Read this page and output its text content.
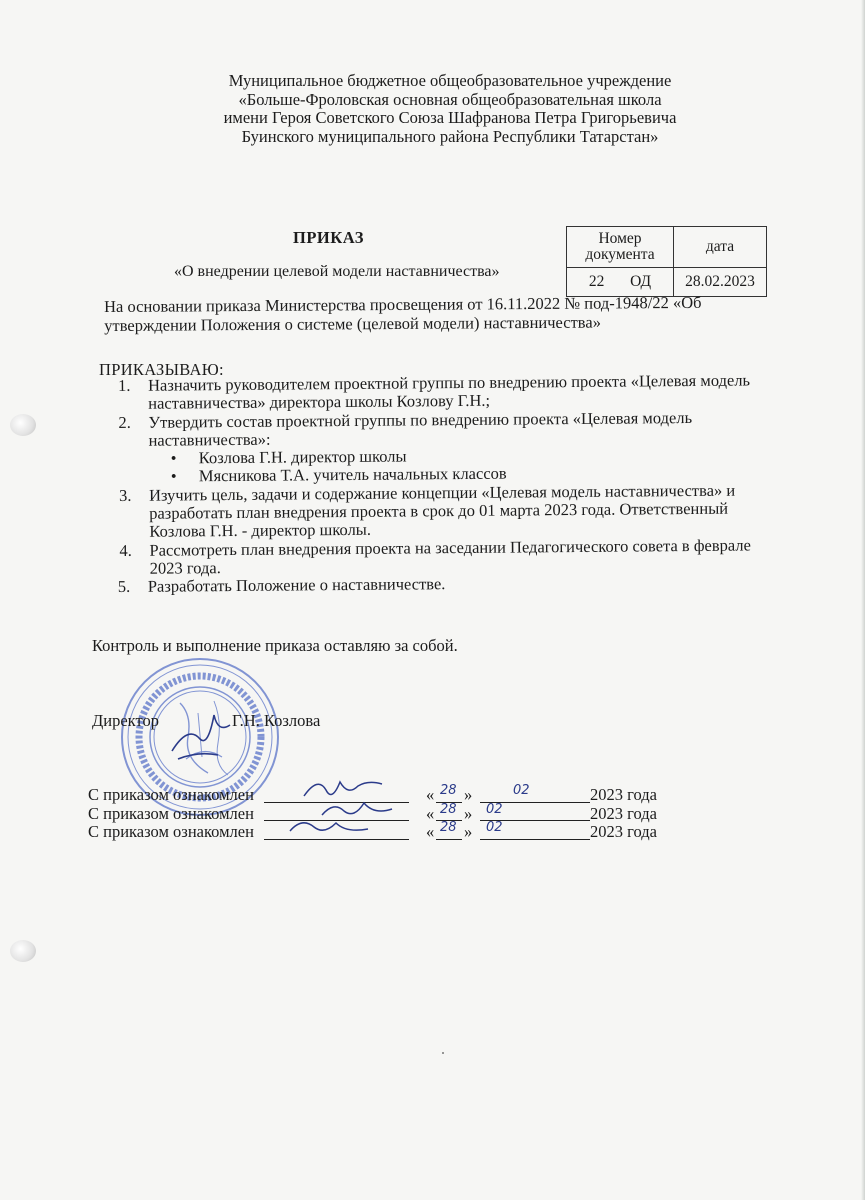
Муниципальное бюджетное общеобразовательное учреждение
«Больше-Фроловская основная общеобразовательная школа
имени Героя Советского Союза Шафранова Петра Григорьевича
Буинского муниципального района Республики Татарстан»
ПРИКАЗ
«О внедрении целевой модели наставничества»
Номер документа	дата
22 ОД	28.02.2023
На основании приказа Министерства просвещения от 16.11.2022 № под-1948/22 «Об утверждении Положения о системе (целевой модели) наставничества»
ПРИКАЗЫВАЮ:
1. Назначить руководителем проектной группы по внедрению проекта «Целевая модель наставничества» директора школы Козлову Г.Н.;
2. Утвердить состав проектной группы по внедрению проекта «Целевая модель наставничества»:
• Козлова Г.Н. директор школы
• Мясникова Т.А. учитель начальных классов
3. Изучить цель, задачи и содержание концепции «Целевая модель наставничества» и разработать план внедрения проекта в срок до 01 марта 2023 года. Ответственный Козлова Г.Н. - директор школы.
4. Рассмотреть план внедрения проекта на заседании Педагогического совета в феврале 2023 года.
5. Разработать Положение о наставничестве.
Контроль и выполнение приказа оставляю за собой.
Директор	Г.Н. Козлова
С приказом ознакомлен	« 28 »	02	2023 года
С приказом ознакомлен	« 28 » 02	2023 года
С приказом ознакомлен	« 28 » 02	2023 года
